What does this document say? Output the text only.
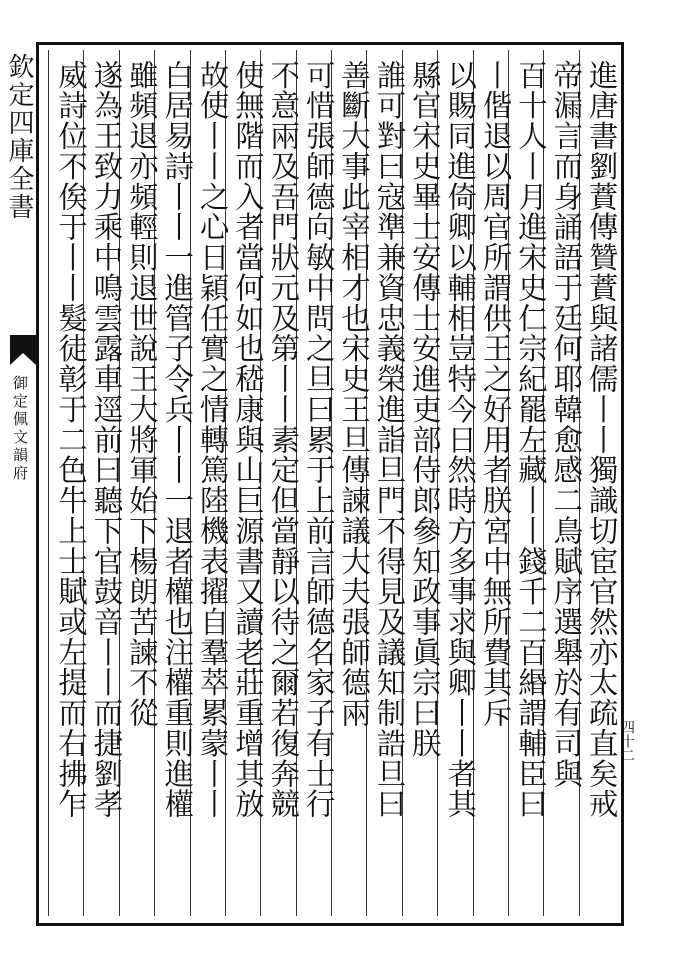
欽定四庫全書
御定佩文韻府	進唐書劉蕡傳贊蕡與諸儒丨丨獨識切宦官然亦太疏直矣戒
帝漏言而身誦語于廷何耶韓愈感二鳥賦序選舉於有司與
百十人丨月進宋史仁宗紀罷左藏丨丨錢千二百緡謂輔臣曰
丨偕退以周官所謂供王之好用者朕宮中無所費其斥
以賜同進倚卿以輔相豈特今日然時方多事求與卿丨丨者其
縣官宋史畢士安傳士安進吏部侍郎參知政事眞宗曰朕
誰可對曰寇準兼資忠義榮進詣旦門不得見及議知制誥旦曰
善斷大事此宰相才也宋史王旦傳諫議大夫張師德兩
可惜張師德向敏中問之旦曰累于上前言師德名家子有士行
不意兩及吾門狀元及第丨丨素定但當靜以待之爾若復奔競
使無階而入者當何如也嵇康與山巨源書又讀老莊重增其放
故使丨丨之心日穎任實之情轉篤陸機表擢自羣萃累蒙丨丨
白居易詩丨丨一進管子令兵丨丨一退者權也注權重則進權
雖頻退亦頻輕則退世說王大將軍始下楊朗苦諫不從
遂為王致力乘中鳴雲露車逕前曰聽下官鼓音丨丨而捷劉孝
威詩位不俟于丨丨髮徒彰于二色牛上士賦或左提而右拂乍	四十二
